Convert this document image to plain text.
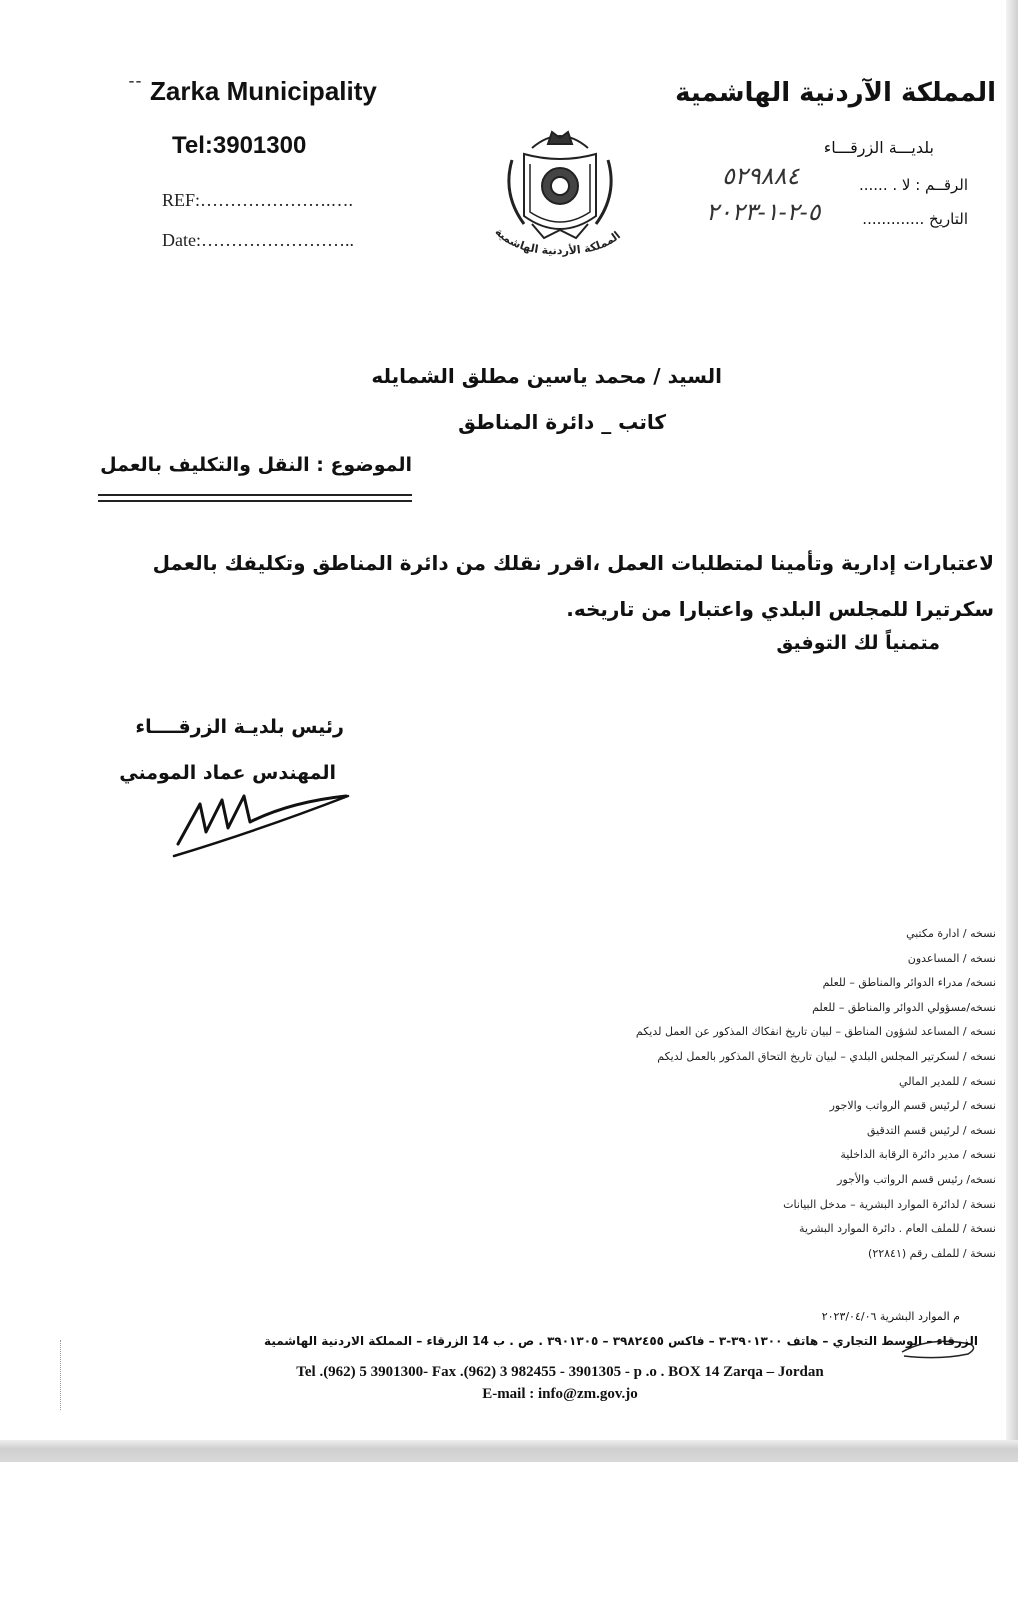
¯¯ Zarka Municipality
Tel:3901300
REF:………………….….
Date:……………………..
المملكة الآردنية الهاشمية
بلديـــة الزرقـــاء
الرقــم : لا . ......
التاريخ .............
٥٢٩٨٨٤
٥-٢-١-٢٠٢٣
المملكة الأردنية الهاشمية
السيد / محمد ياسين مطلق الشمايله
كاتب _ دائرة المناطق
الموضوع : النقل والتكليف بالعمل
لاعتبارات إدارية وتأمينا لمتطلبات العمل ،اقرر نقلك من دائرة المناطق وتكليفك بالعمل سكرتيرا للمجلس البلدي واعتبارا من تاريخه.
متمنياً لك التوفيق
رئيس بلديـة الزرقــــاء
المهندس عماد المومني
نسخه / ادارة مكتبي
نسخه / المساعدون
نسخه/ مدراء الدوائر والمناطق – للعلم
نسخه/مسؤولي الدوائر والمناطق – للعلم
نسخه / المساعد لشؤون المناطق – لبيان تاريخ انفكاك المذكور عن العمل لديكم
نسخه / لسكرتير المجلس البلدي – لبيان تاريخ التحاق المذكور بالعمل لديكم
نسخه / للمدير المالي
نسخه / لرئيس قسم الرواتب والاجور
نسخه / لرئيس قسم التدقيق
نسخه / مدير دائرة الرقابة الداخلية
نسخه/ رئيس قسم الرواتب والأجور
نسخة / لدائرة الموارد البشرية – مدخل البيانات
نسخة / للملف العام . دائرة الموارد البشرية
نسخة / للملف رقم (٢٢٨٤١)
م الموارد البشرية ٢٠٢٣/٠٤/٠٦
الزرقاء – الوسط التجاري – هاتف ٣٩٠١٣٠٠-٣ – فاكس ٣٩٨٢٤٥٥ – ٣٩٠١٣٠٥ . ص . ب 14 الزرقاء – المملكة الاردنية الهاشمية
Tel .(962) 5 3901300- Fax .(962) 3 982455 - 3901305 - p .o . BOX 14 Zarqa – Jordan
E-mail : info@zm.gov.jo
